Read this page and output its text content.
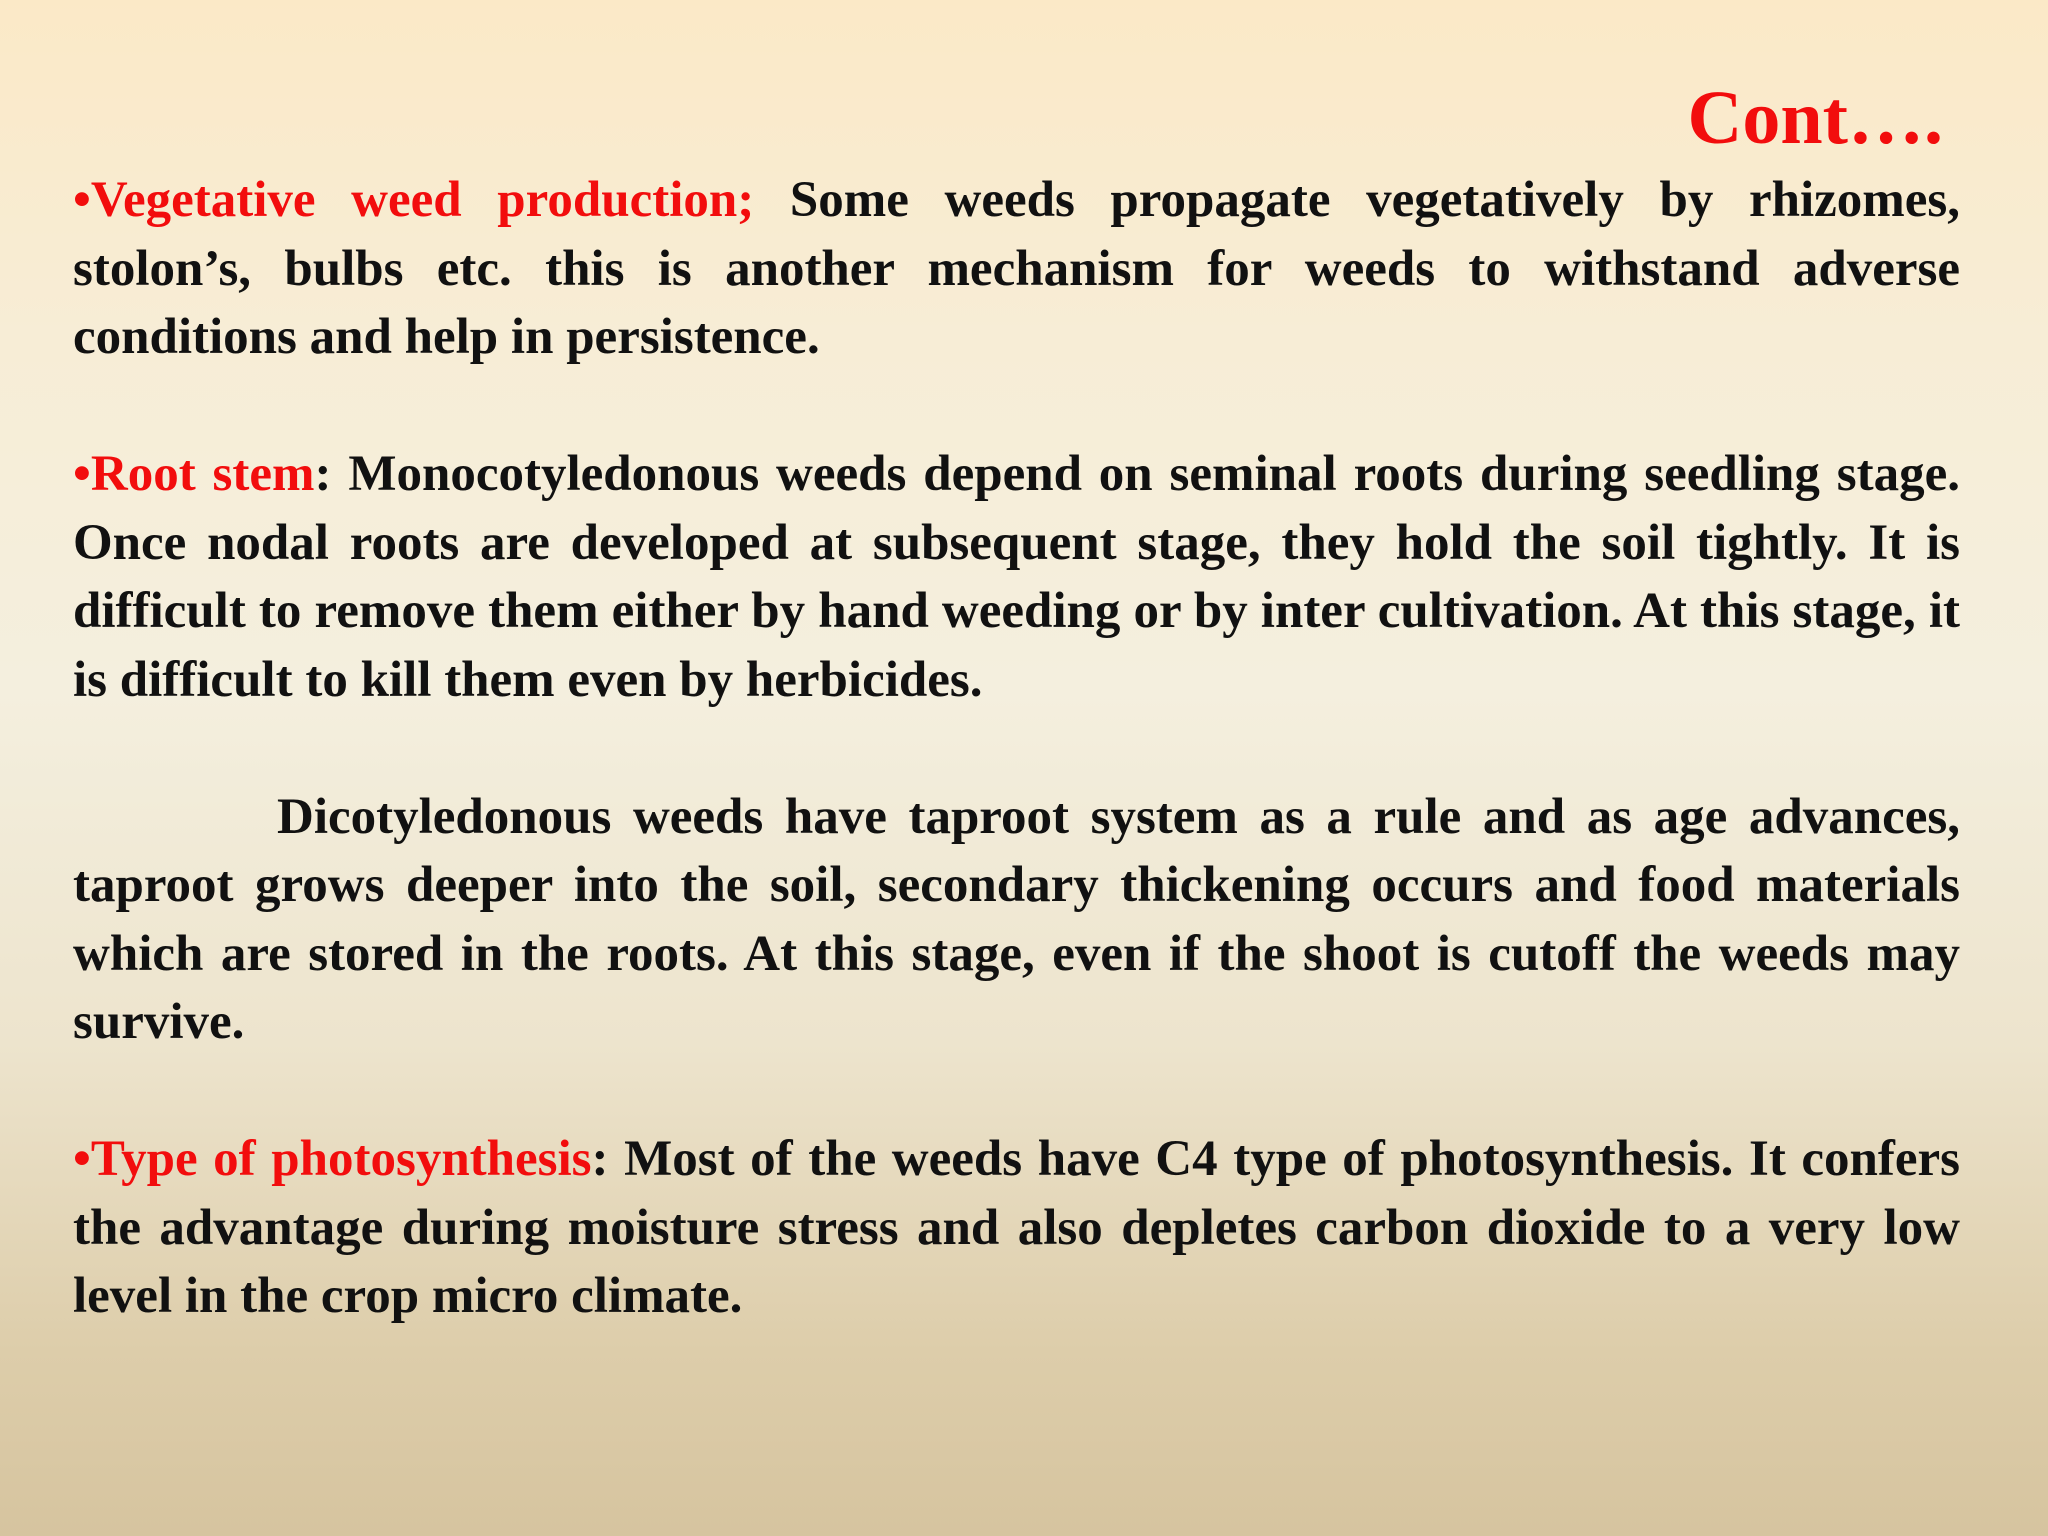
Cont….

•Vegetative weed production; Some weeds propagate vegetatively by rhizomes, stolon’s, bulbs etc. this is another mechanism for weeds to withstand adverse conditions and help in persistence.

•Root stem: Monocotyledonous weeds depend on seminal roots during seedling stage. Once nodal roots are developed at subsequent stage, they hold the soil tightly. It is difficult to remove them either by hand weeding or by inter cultivation. At this stage, it is difficult to kill them even by herbicides.

Dicotyledonous weeds have taproot system as a rule and as age advances, taproot grows deeper into the soil, secondary thickening occurs and food materials which are stored in the roots. At this stage, even if the shoot is cutoff the weeds may survive.

•Type of photosynthesis: Most of the weeds have C4 type of photosynthesis. It confers the advantage during moisture stress and also depletes carbon dioxide to a very low level in the crop micro climate.
